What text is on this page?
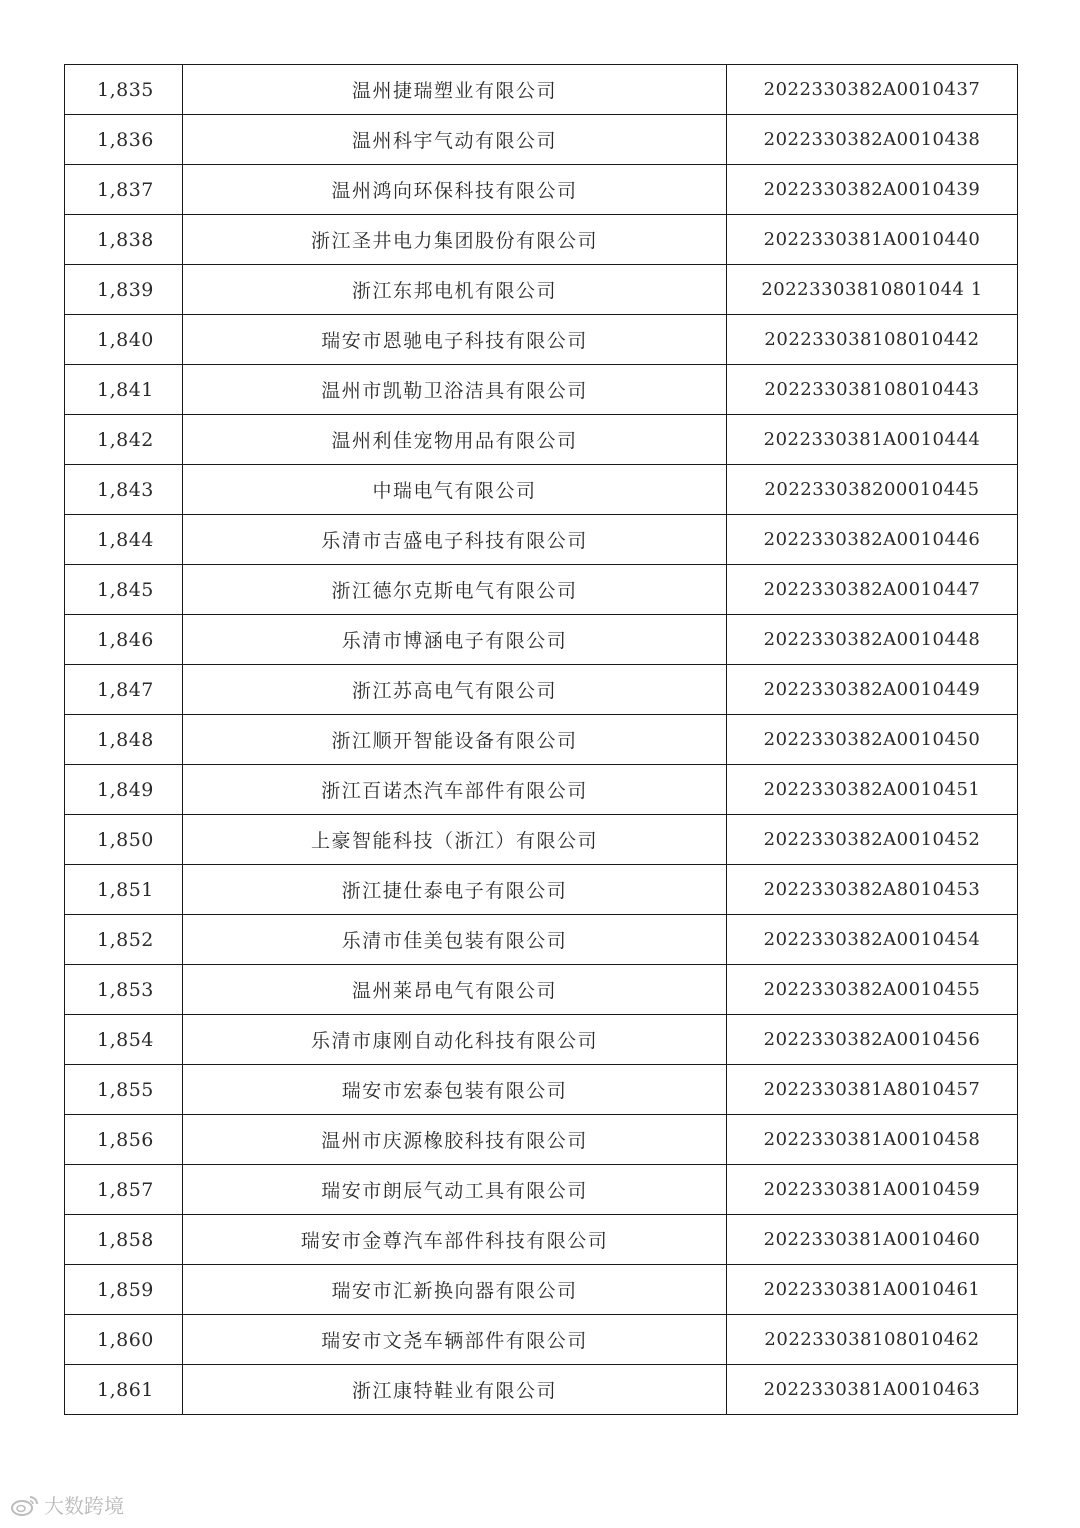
1,835	温州捷瑞塑业有限公司	2022330382A0010437
1,836	温州科宇气动有限公司	2022330382A0010438
1,837	温州鸿向环保科技有限公司	2022330382A0010439
1,838	浙江圣井电力集团股份有限公司	2022330381A0010440
1,839	浙江东邦电机有限公司	20223303810801044 1
1,840	瑞安市恩驰电子科技有限公司	202233038108010442
1,841	温州市凯勒卫浴洁具有限公司	202233038108010443
1,842	温州利佳宠物用品有限公司	2022330381A0010444
1,843	中瑞电气有限公司	202233038200010445
1,844	乐清市吉盛电子科技有限公司	2022330382A0010446
1,845	浙江德尔克斯电气有限公司	2022330382A0010447
1,846	乐清市博涵电子有限公司	2022330382A0010448
1,847	浙江苏高电气有限公司	2022330382A0010449
1,848	浙江顺开智能设备有限公司	2022330382A0010450
1,849	浙江百诺杰汽车部件有限公司	2022330382A0010451
1,850	上豪智能科技（浙江）有限公司	2022330382A0010452
1,851	浙江捷仕泰电子有限公司	2022330382A8010453
1,852	乐清市佳美包装有限公司	2022330382A0010454
1,853	温州莱昂电气有限公司	2022330382A0010455
1,854	乐清市康刚自动化科技有限公司	2022330382A0010456
1,855	瑞安市宏泰包装有限公司	2022330381A8010457
1,856	温州市庆源橡胶科技有限公司	2022330381A0010458
1,857	瑞安市朗辰气动工具有限公司	2022330381A0010459
1,858	瑞安市金尊汽车部件科技有限公司	2022330381A0010460
1,859	瑞安市汇新换向器有限公司	2022330381A0010461
1,860	瑞安市文尧车辆部件有限公司	202233038108010462
1,861	浙江康特鞋业有限公司	2022330381A0010463
大数跨境
